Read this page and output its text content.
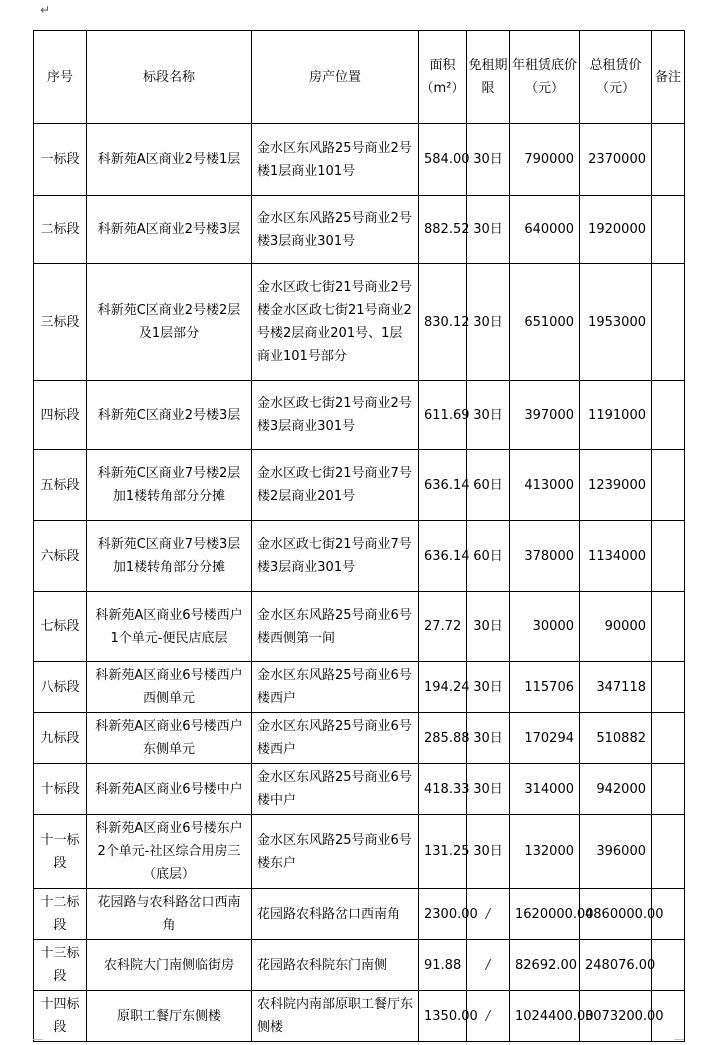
↵
序号	标段名称	房产位置	面积（m²）	免租期限	年租赁底价（元）	总租赁价（元）	备注

一标段	科新苑A区商业2号楼1层	金水区东风路25号商业2号楼1层商业101号	584.00	30日	790000	2370000	

二标段	科新苑A区商业2号楼3层	金水区东风路25号商业2号楼3层商业301号	882.52	30日	640000	1920000	

三标段	科新苑C区商业2号楼2层及1层部分	金水区政七街21号商业2号楼金水区政七街21号商业2号楼2层商业201号、1层商业101号部分	830.12	30日	651000	1953000	

四标段	科新苑C区商业2号楼3层	金水区政七街21号商业2号楼3层商业301号	611.69	30日	397000	1191000	

五标段	科新苑C区商业7号楼2层加1楼转角部分分摊	金水区政七街21号商业7号楼2层商业201号	636.14	60日	413000	1239000	

六标段	科新苑C区商业7号楼3层加1楼转角部分分摊	金水区政七街21号商业7号楼3层商业301号	636.14	60日	378000	1134000	

七标段	科新苑A区商业6号楼西户1个单元-便民店底层	金水区东风路25号商业6号楼西侧第一间	27.72	30日	30000	90000	

八标段	科新苑A区商业6号楼西户西侧单元	金水区东风路25号商业6号楼西户	194.24	30日	115706	347118	

九标段	科新苑A区商业6号楼西户东侧单元	金水区东风路25号商业6号楼西户	285.88	30日	170294	510882	

十标段	科新苑A区商业6号楼中户	金水区东风路25号商业6号楼中户	418.33	30日	314000	942000	

十一标段	科新苑A区商业6号楼东户2个单元-社区综合用房三（底层）	金水区东风路25号商业6号楼东户	131.25	30日	132000	396000	

十二标段	花园路与农科路岔口西南角	花园路农科路岔口西南角	2300.00	/	1620000.00	4860000.00	

十三标段	农科院大门南侧临街房	花园路农科院东门南侧	91.88	/	82692.00	248076.00	

十四标段	原职工餐厅东侧楼	农科院内南部原职工餐厅东侧楼	1350.00	/	1024400.00	3073200.00	
